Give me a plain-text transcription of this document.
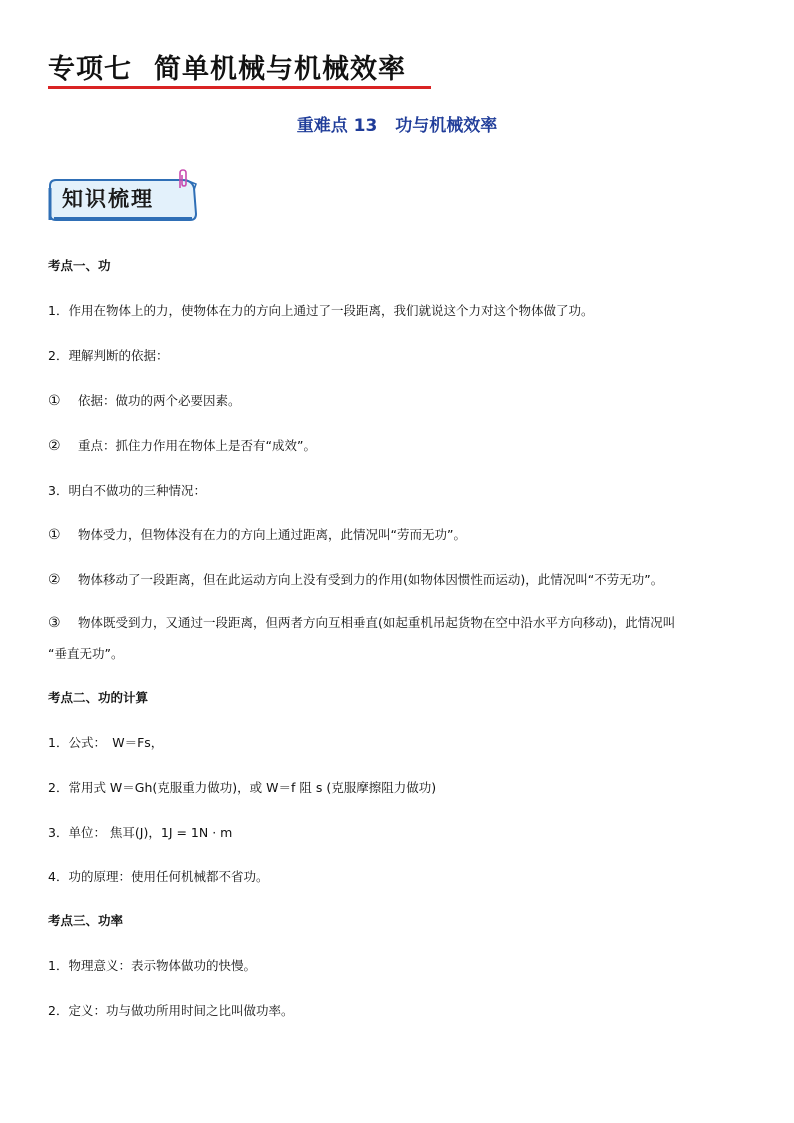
专项七 简单机械与机械效率
重难点 13 功与机械效率
知识梳理
考点一、功
1．作用在物体上的力，使物体在力的方向上通过了一段距离，我们就说这个力对这个物体做了功。
2．理解判断的依据：
① 依据：做功的两个必要因素。
② 重点：抓住力作用在物体上是否有“成效”。
3．明白不做功的三种情况：
① 物体受力，但物体没有在力的方向上通过距离，此情况叫“劳而无功”。
② 物体移动了一段距离，但在此运动方向上没有受到力的作用(如物体因惯性而运动)，此情况叫“不劳无功”。
③ 物体既受到力，又通过一段距离，但两者方向互相垂直(如起重机吊起货物在空中沿水平方向移动)，此情况叫
“垂直无功”。
考点二、功的计算
1．公式：　W＝Fs，
2．常用式 W＝Gh(克服重力做功)，或 W＝f 阻 s (克服摩擦阻力做功)
3．单位： 焦耳(J)，1J = 1N · m
4．功的原理：使用任何机械都不省功。
考点三、功率
1．物理意义：表示物体做功的快慢。
2．定义：功与做功所用时间之比叫做功率。
